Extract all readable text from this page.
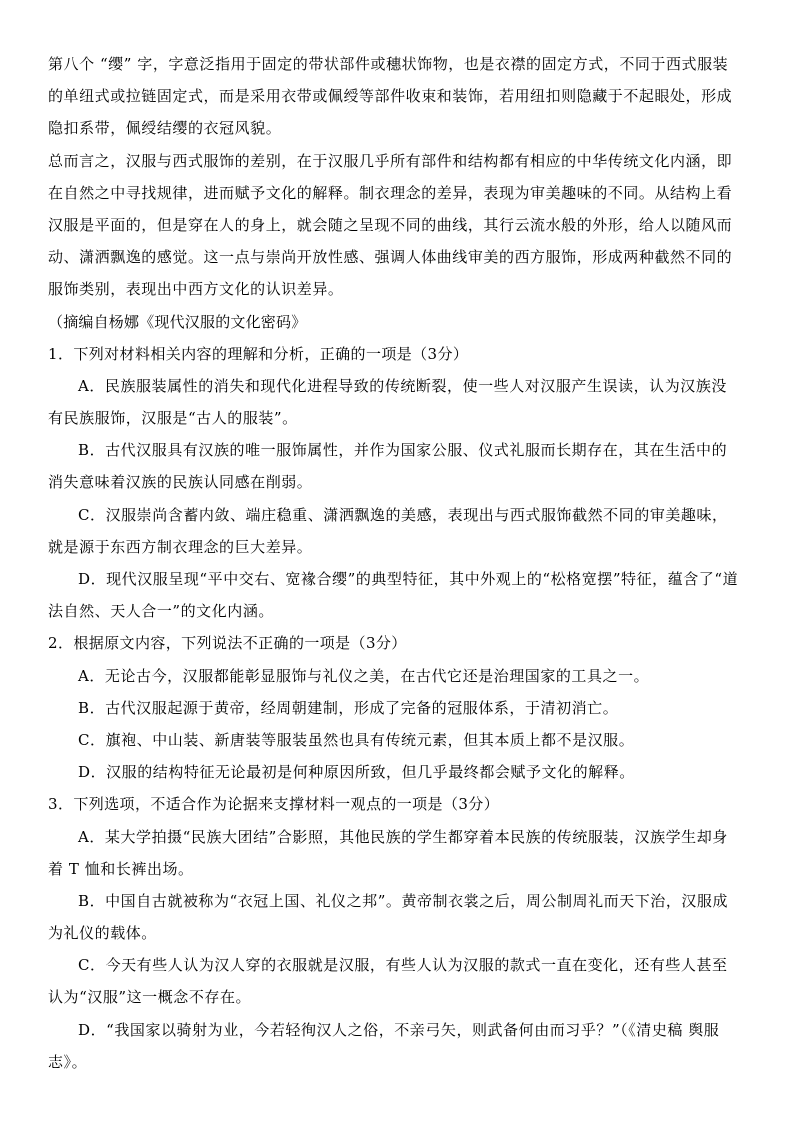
第八个 “缨” 字，字意泛指用于固定的带状部件或穗状饰物，也是衣襟的固定方式，不同于西式服装
的单纽式或拉链固定式，而是采用衣带或佩绶等部件收束和装饰，若用纽扣则隐藏于不起眼处，形成
隐扣系带，佩绶结缨的衣冠风貌。
总而言之，汉服与西式服饰的差别，在于汉服几乎所有部件和结构都有相应的中华传统文化内涵，即
在自然之中寻找规律，进而赋予文化的解释。制衣理念的差异，表现为审美趣味的不同。从结构上看
汉服是平面的，但是穿在人的身上，就会随之呈现不同的曲线，其行云流水般的外形，给人以随风而
动、潇洒飘逸的感觉。这一点与崇尚开放性感、强调人体曲线审美的西方服饰，形成两种截然不同的
服饰类别，表现出中西方文化的认识差异。
（摘编自杨娜《现代汉服的文化密码》
1．下列对材料相关内容的理解和分析，正确的一项是（3分）
A．民族服装属性的消失和现代化进程导致的传统断裂，使一些人对汉服产生误读，认为汉族没
有民族服饰，汉服是“古人的服装”。
B．古代汉服具有汉族的唯一服饰属性，并作为国家公服、仪式礼服而长期存在，其在生活中的
消失意味着汉族的民族认同感在削弱。
C．汉服崇尚含蓄内敛、端庄稳重、潇洒飘逸的美感，表现出与西式服饰截然不同的审美趣味，
就是源于东西方制衣理念的巨大差异。
D．现代汉服呈现“平中交右、宽褖合缨”的典型特征，其中外观上的“松格宽摆”特征，蕴含了“道
法自然、天人合一”的文化内涵。
2．根据原文内容，下列说法不正确的一项是（3分）
A．无论古今，汉服都能彰显服饰与礼仪之美，在古代它还是治理国家的工具之一。
B．古代汉服起源于黄帝，经周朝建制，形成了完备的冠服体系，于清初消亡。
C．旗袍、中山装、新唐装等服装虽然也具有传统元素，但其本质上都不是汉服。
D．汉服的结构特征无论最初是何种原因所致，但几乎最终都会赋予文化的解释。
3．下列选项，不适合作为论据来支撑材料一观点的一项是（3分）
A．某大学拍摄“民族大团结”合影照，其他民族的学生都穿着本民族的传统服装，汉族学生却身
着 T 恤和长裤出场。
B．中国自古就被称为“衣冠上国、礼仪之邦”。黄帝制衣裳之后，周公制周礼而天下治，汉服成
为礼仪的载体。
C．今天有些人认为汉人穿的衣服就是汉服，有些人认为汉服的款式一直在变化，还有些人甚至
认为“汉服”这一概念不存在。
D．“我国家以骑射为业，今若轻徇汉人之俗，不亲弓矢，则武备何由而习乎？”（《清史稿 舆服
志》。
